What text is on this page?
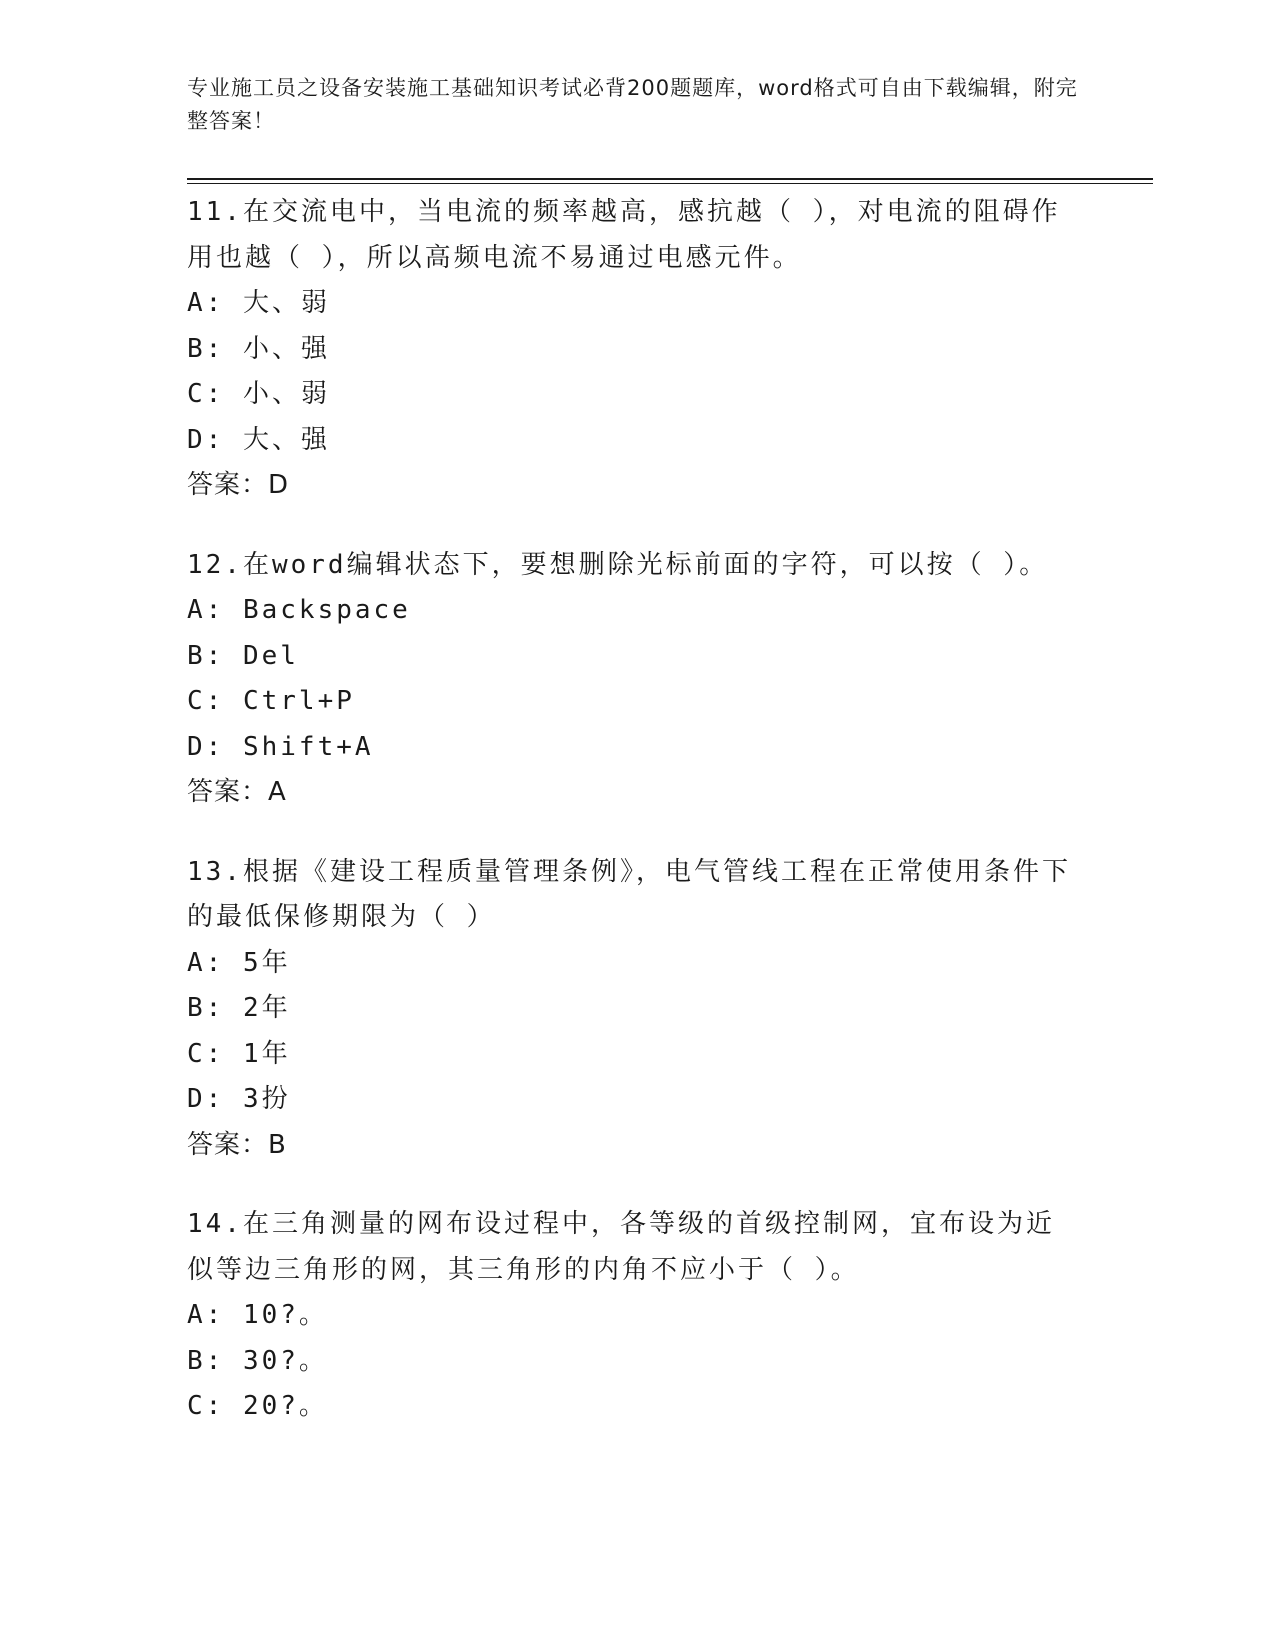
专业施工员之设备安装施工基础知识考试必背200题题库，word格式可自由下载编辑，附完整答案！
11.在交流电中，当电流的频率越高，感抗越（ ），对电流的阻碍作用也越（ ），所以高频电流不易通过电感元件。
A: 大、弱
B: 小、强
C: 小、弱
D: 大、强
答案：D
12.在word编辑状态下，要想删除光标前面的字符，可以按（ ）。
A: Backspace
B: Del
C: Ctrl+P
D: Shift+A
答案：A
13.根据《建设工程质量管理条例》，电气管线工程在正常使用条件下的最低保修期限为（ ）
A: 5年
B: 2年
C: 1年
D: 3扮
答案：B
14.在三角测量的网布设过程中，各等级的首级控制网，宜布设为近似等边三角形的网，其三角形的内角不应小于（ ）。
A: 10?。
B: 30?。
C: 20?。
